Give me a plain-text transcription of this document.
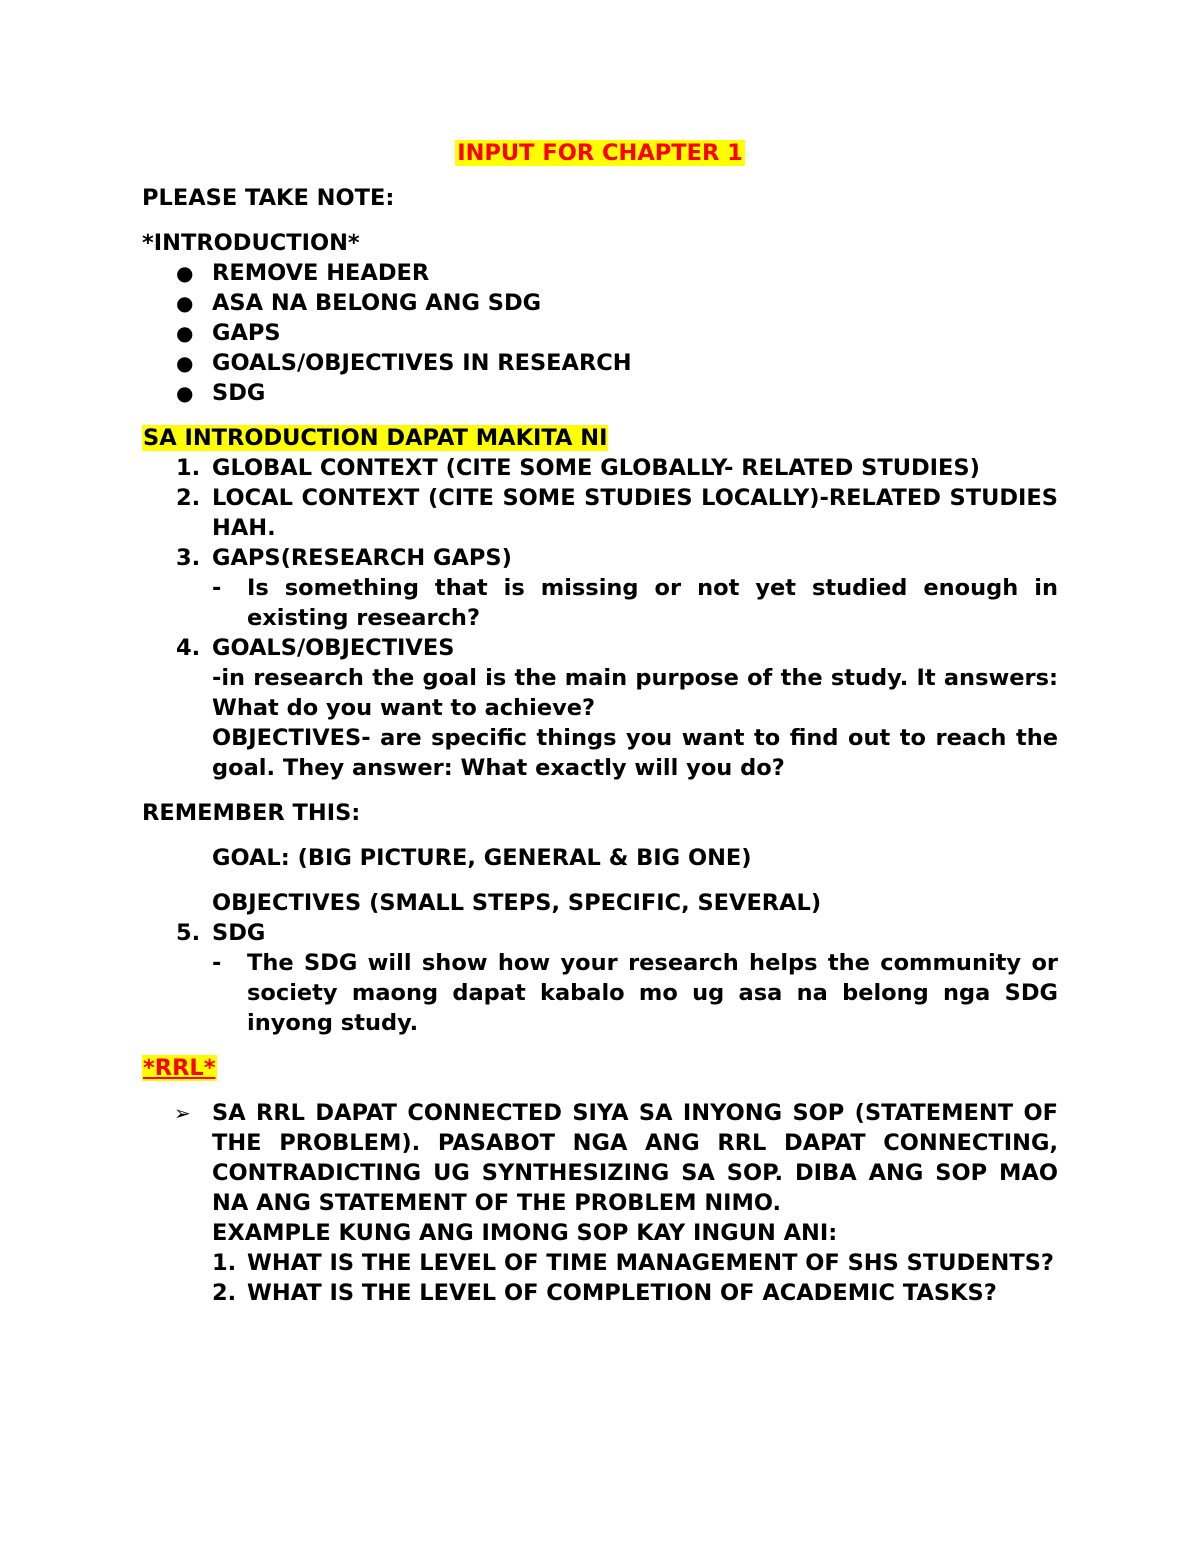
INPUT FOR CHAPTER 1

PLEASE TAKE NOTE:

*INTRODUCTION*

● REMOVE HEADER
● ASA NA BELONG ANG SDG
● GAPS
● GOALS/OBJECTIVES IN RESEARCH
● SDG

SA INTRODUCTION DAPAT MAKITA NI

1. GLOBAL CONTEXT (CITE SOME GLOBALLY- RELATED STUDIES)
2. LOCAL CONTEXT (CITE SOME STUDIES LOCALLY)-RELATED STUDIES HAH.
3. GAPS(RESEARCH GAPS)
- Is something that is missing or not yet studied enough in existing research?
4. GOALS/OBJECTIVES

-in research the goal is the main purpose of the study. It answers: What do you want to achieve?

OBJECTIVES- are specific things you want to find out to reach the goal. They answer: What exactly will you do?

REMEMBER THIS:

GOAL: (BIG PICTURE, GENERAL & BIG ONE)

OBJECTIVES (SMALL STEPS, SPECIFIC, SEVERAL)

5. SDG
- The SDG will show how your research helps the community or society maong dapat kabalo mo ug asa na belong nga SDG inyong study.

*RRL*

➢ SA RRL DAPAT CONNECTED SIYA SA INYONG SOP (STATEMENT OF THE PROBLEM). PASABOT NGA ANG RRL DAPAT CONNECTING, CONTRADICTING UG SYNTHESIZING SA SOP. DIBA ANG SOP MAO NA ANG STATEMENT OF THE PROBLEM NIMO.

EXAMPLE KUNG ANG IMONG SOP KAY INGUN ANI:

1. WHAT IS THE LEVEL OF TIME MANAGEMENT OF SHS STUDENTS?
2. WHAT IS THE LEVEL OF COMPLETION OF ACADEMIC TASKS?
